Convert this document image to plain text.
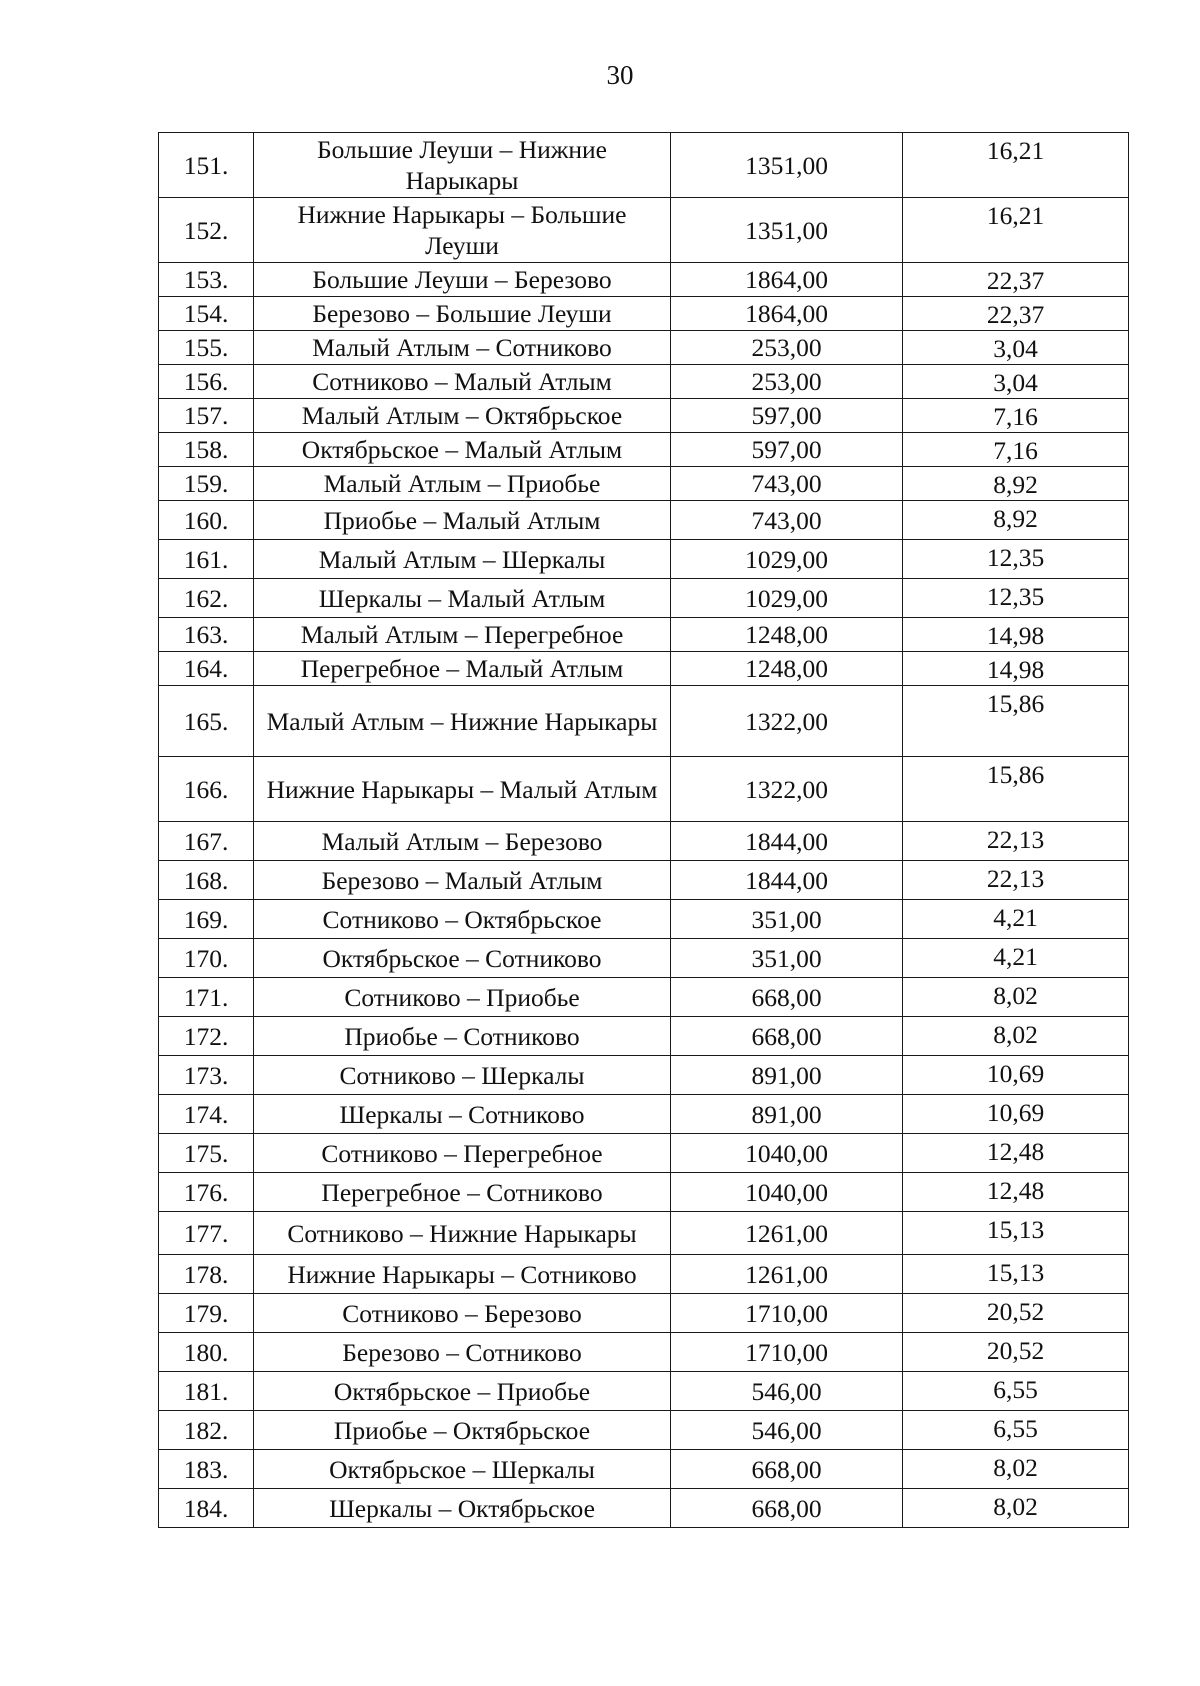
30
151.	Большие Леуши – Нижние Нарыкары	1351,00	16,21
152.	Нижние Нарыкары – Большие Леуши	1351,00	16,21
153.	Большие Леуши – Березово	1864,00	22,37
154.	Березово – Большие Леуши	1864,00	22,37
155.	Малый Атлым – Сотниково	253,00	3,04
156.	Сотниково – Малый Атлым	253,00	3,04
157.	Малый Атлым – Октябрьское	597,00	7,16
158.	Октябрьское – Малый Атлым	597,00	7,16
159.	Малый Атлым – Приобье	743,00	8,92
160.	Приобье – Малый Атлым	743,00	8,92
161.	Малый Атлым – Шеркалы	1029,00	12,35
162.	Шеркалы – Малый Атлым	1029,00	12,35
163.	Малый Атлым – Перегребное	1248,00	14,98
164.	Перегребное – Малый Атлым	1248,00	14,98
165.	Малый Атлым – Нижние Нарыкары	1322,00	15,86
166.	Нижние Нарыкары – Малый Атлым	1322,00	15,86
167.	Малый Атлым – Березово	1844,00	22,13
168.	Березово – Малый Атлым	1844,00	22,13
169.	Сотниково – Октябрьское	351,00	4,21
170.	Октябрьское – Сотниково	351,00	4,21
171.	Сотниково – Приобье	668,00	8,02
172.	Приобье – Сотниково	668,00	8,02
173.	Сотниково – Шеркалы	891,00	10,69
174.	Шеркалы – Сотниково	891,00	10,69
175.	Сотниково – Перегребное	1040,00	12,48
176.	Перегребное – Сотниково	1040,00	12,48
177.	Сотниково – Нижние Нарыкары	1261,00	15,13
178.	Нижние Нарыкары – Сотниково	1261,00	15,13
179.	Сотниково – Березово	1710,00	20,52
180.	Березово – Сотниково	1710,00	20,52
181.	Октябрьское – Приобье	546,00	6,55
182.	Приобье – Октябрьское	546,00	6,55
183.	Октябрьское – Шеркалы	668,00	8,02
184.	Шеркалы – Октябрьское	668,00	8,02
